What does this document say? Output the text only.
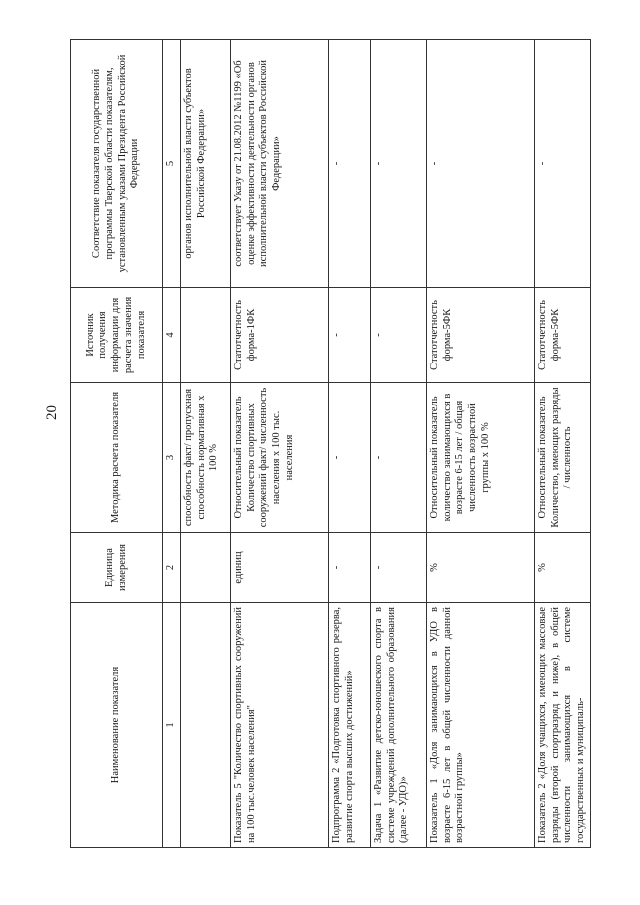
20
Наименование показателя	Единица измерения	Методика расчета показателя	Источник получения информации для расчета значения показателя	Соответствие показателя государственной программы Тверской области показателям, установленным указами Президента Российской Федерации
1	2	3	4	5
		способность факт/ пропускная способность нормативная х 100 %		органов исполнительной власти субъектов Российской Федерации»
Показатель 5 "Количество спортивных сооружений на 100 тыс.человек населения"	единиц	Относительный показатель Количество спортивных сооружений факт/ численность населения х 100 тыс. населения	Статотчетность форма-1ФК	соответствует Указу от 21.08.2012 №1199 «Об оценке эффективности деятельности органов исполнительной власти субъектов Российской Федерации»
Подпрограмма 2 «Подготовка спортивного резерва, развитие спорта высших достижений»	-	-	-	-
Задача 1 «Развитие детско-юношеского спорта в системе учреждений дополнительного образования (далее - УДО)»	-	-	-	-
Показатель 1 «Доля занимающихся в УДО в возрасте 6-15 лет в общей численности данной возрастной группы»	%	Относительный показатель количество занимающихся в возрасте 6-15 лет / общая численность возрастной группы х 100 %	Статотчетность форма-5ФК	-
Показатель 2 «Доля учащихся, имеющих массовые разряды (второй спортразряд и ниже), в общей численности занимающихся в системе государственных и муниципаль-	%	Относительный показатель Количество, имеющих разряды / численность	Статотчетность форма-5ФК	-
